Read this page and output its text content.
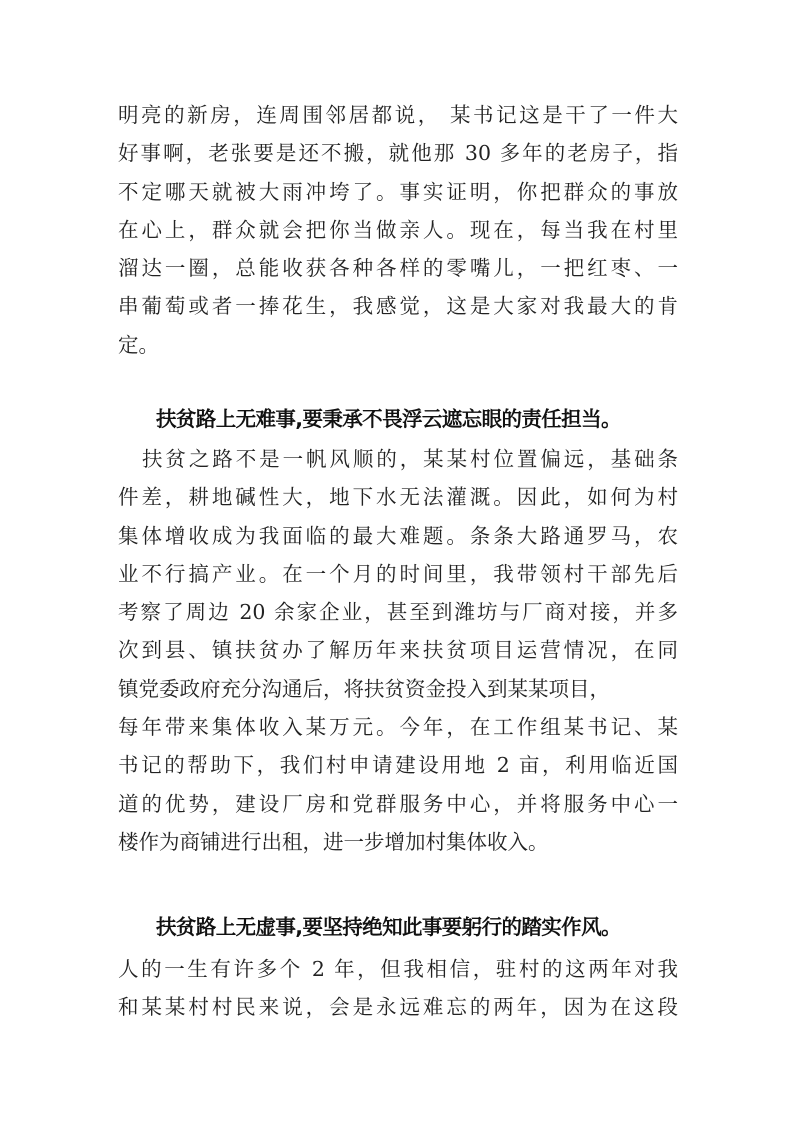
明亮的新房，连周围邻居都说， 某书记这是干了一件大
好事啊，老张要是还不搬，就他那 30 多年的老房子，指
不定哪天就被大雨冲垮了。事实证明，你把群众的事放
在心上，群众就会把你当做亲人。现在，每当我在村里
溜达一圈，总能收获各种各样的零嘴儿，一把红枣、一
串葡萄或者一捧花生，我感觉，这是大家对我最大的肯
定。
扶贫路上无难事,要秉承不畏浮云遮忘眼的责任担当。
扶贫之路不是一帆风顺的，某某村位置偏远，基础条
件差，耕地碱性大，地下水无法灌溉。因此，如何为村
集体增收成为我面临的最大难题。条条大路通罗马，农
业不行搞产业。在一个月的时间里，我带领村干部先后
考察了周边 20 余家企业，甚至到潍坊与厂商对接，并多
次到县、镇扶贫办了解历年来扶贫项目运营情况，在同
镇党委政府充分沟通后，将扶贫资金投入到某某项目，
每年带来集体收入某万元。今年，在工作组某书记、某
书记的帮助下，我们村申请建设用地 2 亩，利用临近国
道的优势，建设厂房和党群服务中心，并将服务中心一
楼作为商铺进行出租，进一步增加村集体收入。
扶贫路上无虚事,要坚持绝知此事要躬行的踏实作风。
人的一生有许多个 2 年，但我相信，驻村的这两年对我
和某某村村民来说，会是永远难忘的两年，因为在这段
